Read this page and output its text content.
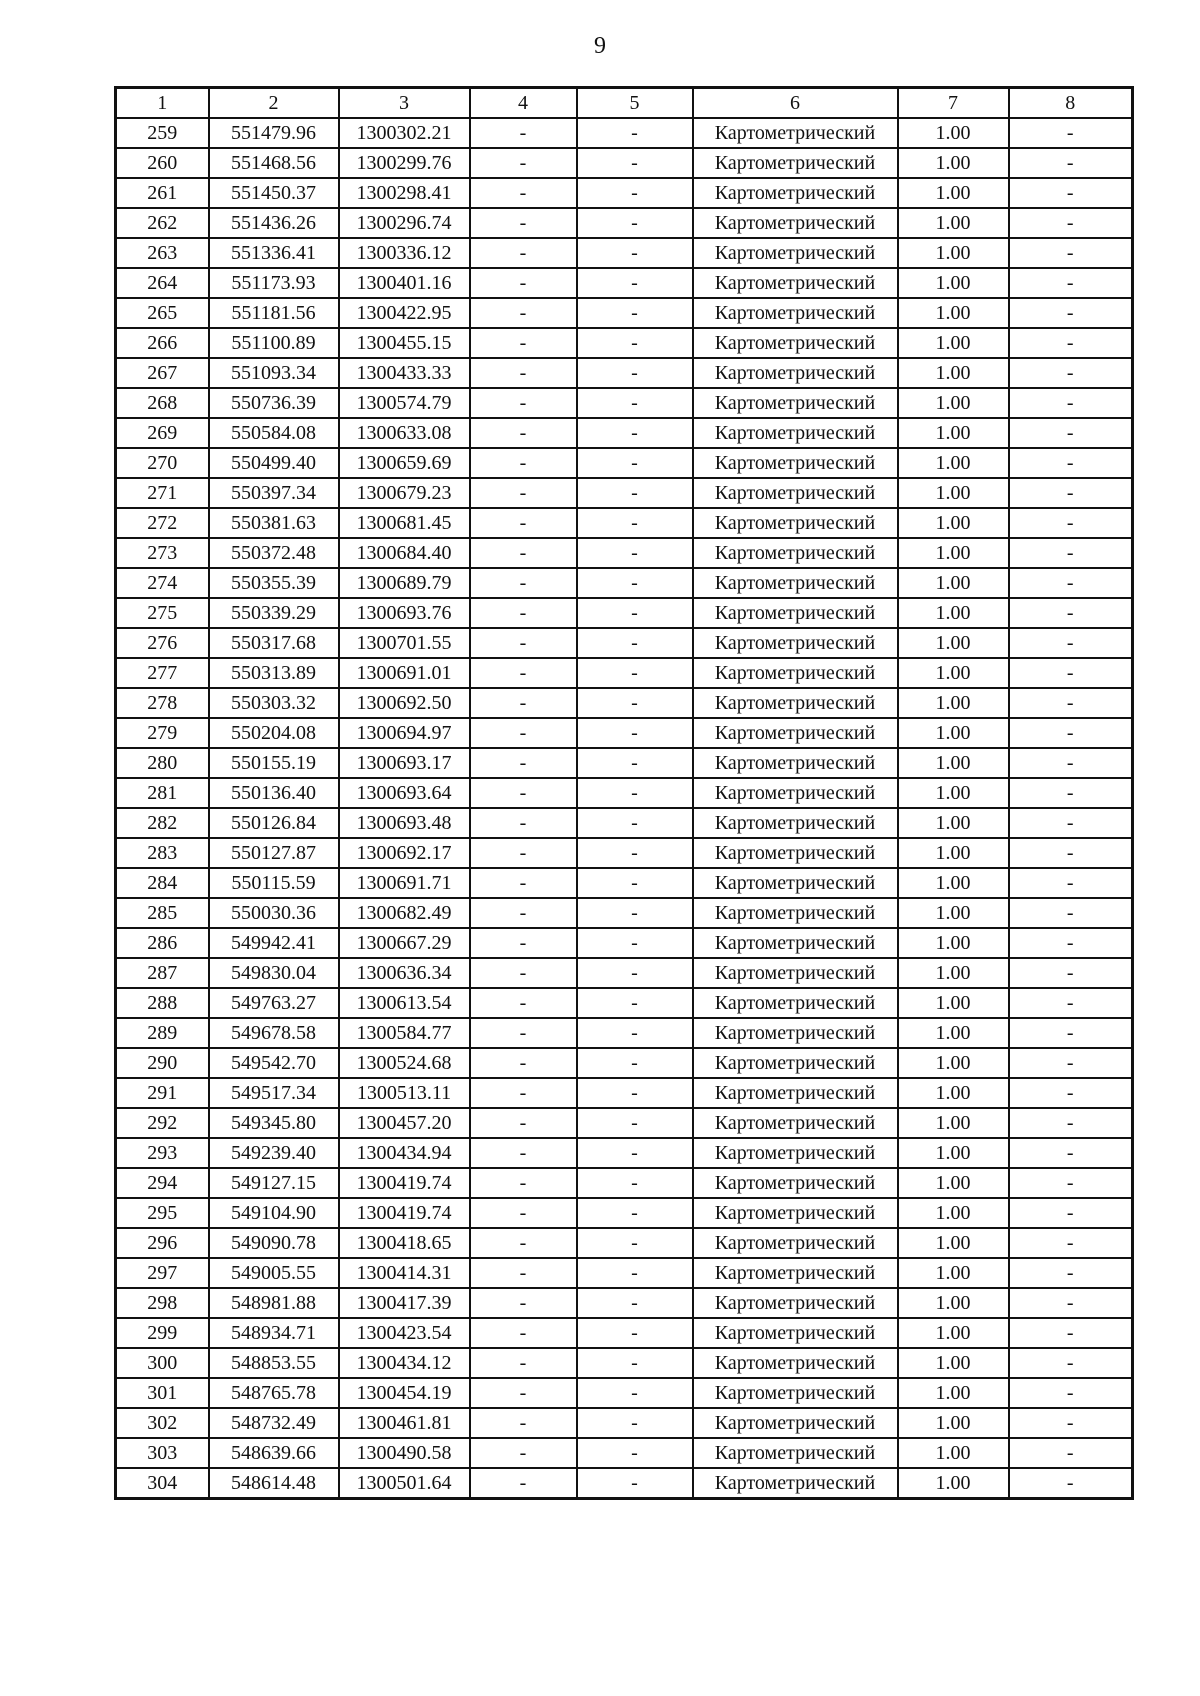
9
1	2	3	4	5	6	7	8
259	551479.96	1300302.21	-	-	Картометрический	1.00	-
260	551468.56	1300299.76	-	-	Картометрический	1.00	-
261	551450.37	1300298.41	-	-	Картометрический	1.00	-
262	551436.26	1300296.74	-	-	Картометрический	1.00	-
263	551336.41	1300336.12	-	-	Картометрический	1.00	-
264	551173.93	1300401.16	-	-	Картометрический	1.00	-
265	551181.56	1300422.95	-	-	Картометрический	1.00	-
266	551100.89	1300455.15	-	-	Картометрический	1.00	-
267	551093.34	1300433.33	-	-	Картометрический	1.00	-
268	550736.39	1300574.79	-	-	Картометрический	1.00	-
269	550584.08	1300633.08	-	-	Картометрический	1.00	-
270	550499.40	1300659.69	-	-	Картометрический	1.00	-
271	550397.34	1300679.23	-	-	Картометрический	1.00	-
272	550381.63	1300681.45	-	-	Картометрический	1.00	-
273	550372.48	1300684.40	-	-	Картометрический	1.00	-
274	550355.39	1300689.79	-	-	Картометрический	1.00	-
275	550339.29	1300693.76	-	-	Картометрический	1.00	-
276	550317.68	1300701.55	-	-	Картометрический	1.00	-
277	550313.89	1300691.01	-	-	Картометрический	1.00	-
278	550303.32	1300692.50	-	-	Картометрический	1.00	-
279	550204.08	1300694.97	-	-	Картометрический	1.00	-
280	550155.19	1300693.17	-	-	Картометрический	1.00	-
281	550136.40	1300693.64	-	-	Картометрический	1.00	-
282	550126.84	1300693.48	-	-	Картометрический	1.00	-
283	550127.87	1300692.17	-	-	Картометрический	1.00	-
284	550115.59	1300691.71	-	-	Картометрический	1.00	-
285	550030.36	1300682.49	-	-	Картометрический	1.00	-
286	549942.41	1300667.29	-	-	Картометрический	1.00	-
287	549830.04	1300636.34	-	-	Картометрический	1.00	-
288	549763.27	1300613.54	-	-	Картометрический	1.00	-
289	549678.58	1300584.77	-	-	Картометрический	1.00	-
290	549542.70	1300524.68	-	-	Картометрический	1.00	-
291	549517.34	1300513.11	-	-	Картометрический	1.00	-
292	549345.80	1300457.20	-	-	Картометрический	1.00	-
293	549239.40	1300434.94	-	-	Картометрический	1.00	-
294	549127.15	1300419.74	-	-	Картометрический	1.00	-
295	549104.90	1300419.74	-	-	Картометрический	1.00	-
296	549090.78	1300418.65	-	-	Картометрический	1.00	-
297	549005.55	1300414.31	-	-	Картометрический	1.00	-
298	548981.88	1300417.39	-	-	Картометрический	1.00	-
299	548934.71	1300423.54	-	-	Картометрический	1.00	-
300	548853.55	1300434.12	-	-	Картометрический	1.00	-
301	548765.78	1300454.19	-	-	Картометрический	1.00	-
302	548732.49	1300461.81	-	-	Картометрический	1.00	-
303	548639.66	1300490.58	-	-	Картометрический	1.00	-
304	548614.48	1300501.64	-	-	Картометрический	1.00	-
